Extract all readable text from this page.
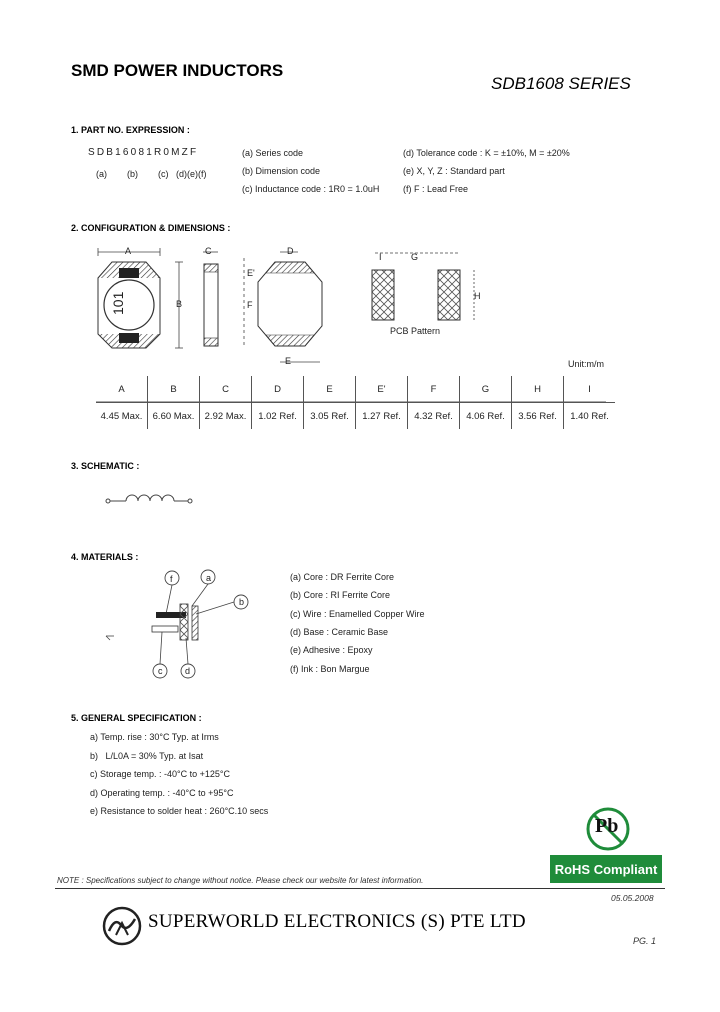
SMD POWER INDUCTORS
SDB1608 SERIES
1. PART NO. EXPRESSION :
SDB16081R0MZF
(a)        (b)        (c)   (d)(e)(f)
(a) Series code
(b) Dimension code
(c) Inductance code : 1R0 = 1.0uH
(d) Tolerance code : K = ±10%, M = ±20%
(e) X, Y, Z : Standard part
(f) F : Lead Free
2. CONFIGURATION & DIMENSIONS :
101
A
B
C
E'
F
D
E
G
H
I
PCB Pattern
Unit:m/m
A	B	C	D	E	E'	F	G	H	I
4.45 Max.	6.60 Max.	2.92 Max.	1.02 Ref.	3.05 Ref.	1.27 Ref.	4.32 Ref.	4.06 Ref.	3.56 Ref.	1.40 Ref.
3. SCHEMATIC :
4. MATERIALS :
f	a
b
c	d
(a) Core : DR Ferrite Core
(b) Core : RI Ferrite Core
(c) Wire : Enamelled Copper Wire
(d) Base : Ceramic Base
(e) Adhesive : Epoxy
(f) Ink : Bon Margue
5. GENERAL SPECIFICATION :
a) Temp. rise : 30°C Typ. at Irms
b)   L/L0A = 30% Typ. at Isat
c) Storage temp. : -40°C to +125°C
d) Operating temp. : -40°C to +95°C
e) Resistance to solder heat : 260°C.10 secs
Pb
RoHS Compliant
NOTE : Specifications subject to change without notice. Please check our website for latest information.
05.05.2008
SUPERWORLD ELECTRONICS (S) PTE LTD
PG. 1
